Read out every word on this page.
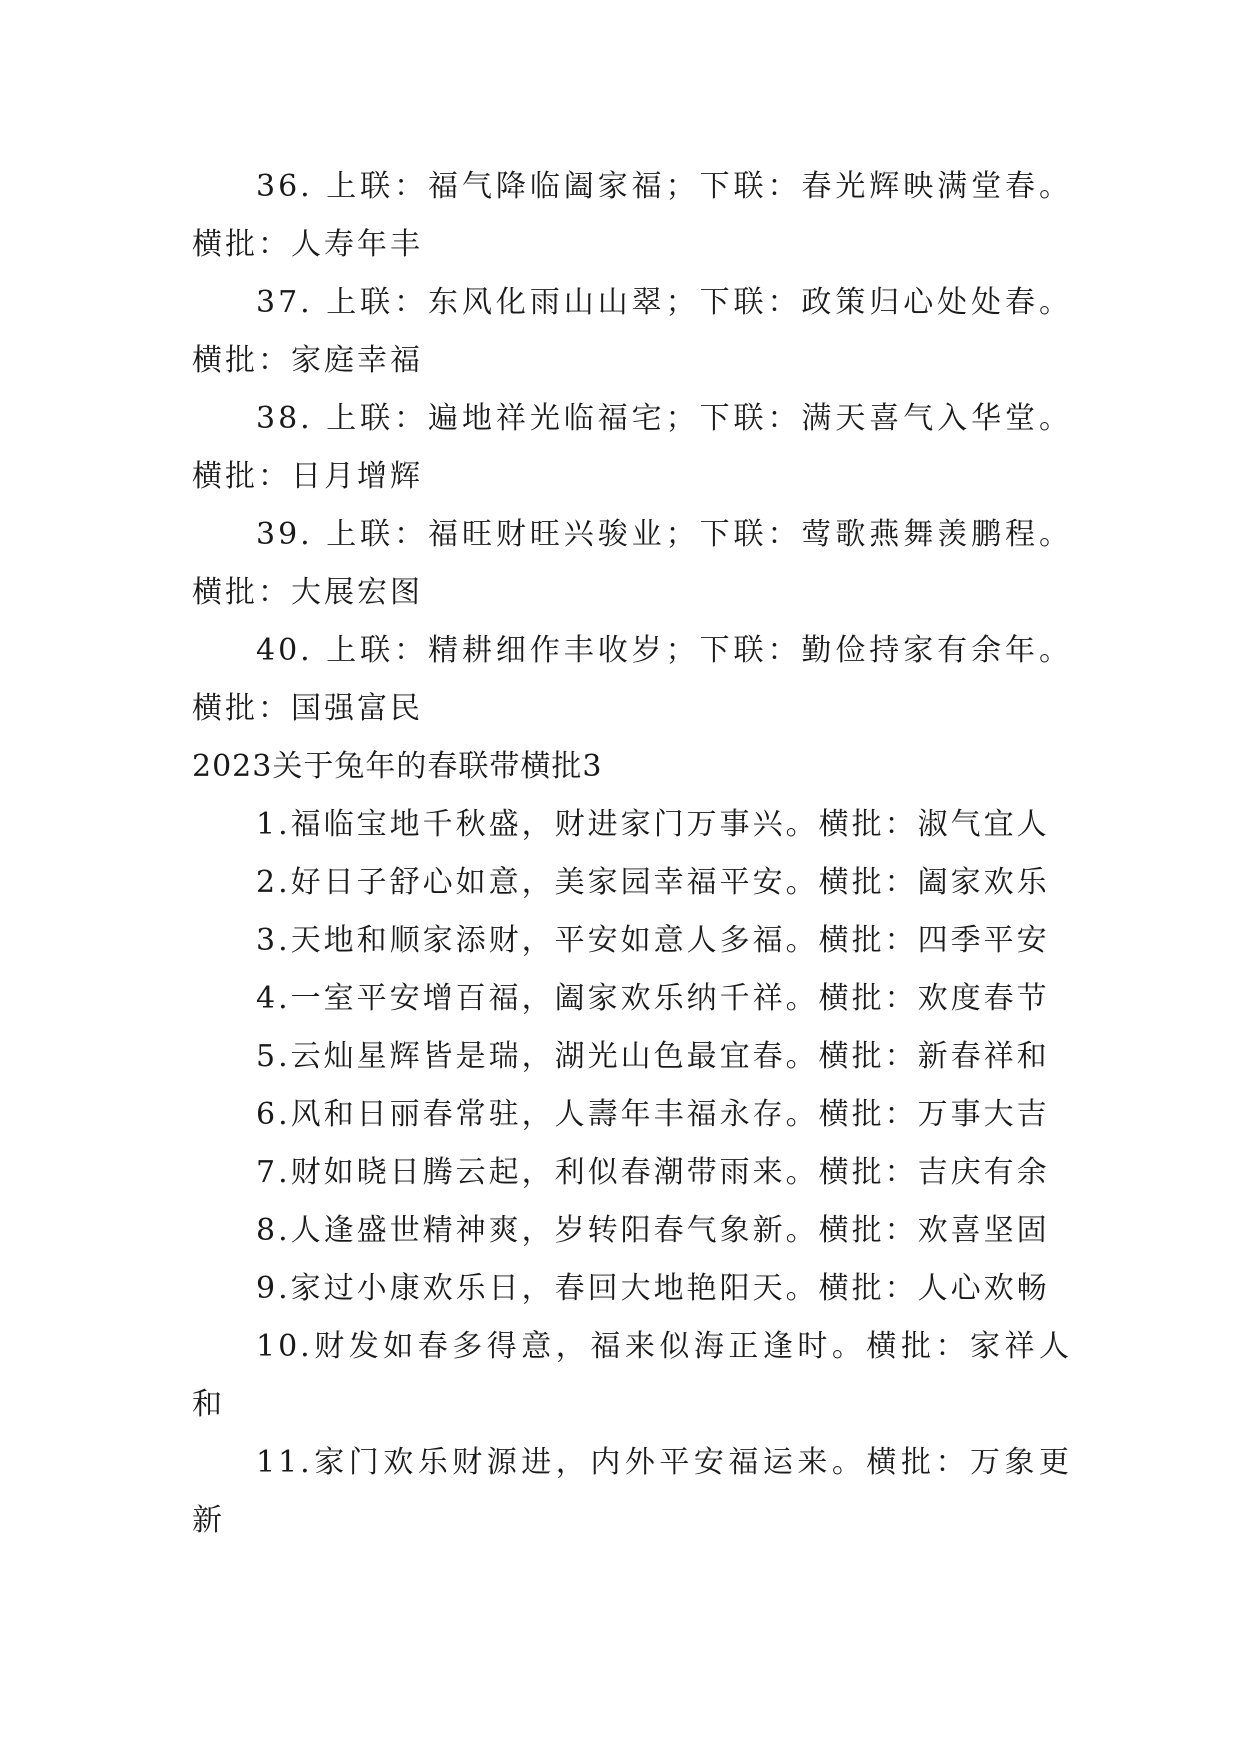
36. 上联：福气降临阖家福；下联：春光辉映满堂春。
横批：人寿年丰
37. 上联：东风化雨山山翠；下联：政策归心处处春。
横批：家庭幸福
38. 上联：遍地祥光临福宅；下联：满天喜气入华堂。
横批：日月增辉
39. 上联：福旺财旺兴骏业；下联：莺歌燕舞羡鹏程。
横批：大展宏图
40. 上联：精耕细作丰收岁；下联：勤俭持家有余年。
横批：国强富民
2023关于兔年的春联带横批3
1.福临宝地千秋盛，财进家门万事兴。横批：淑气宜人
2.好日子舒心如意，美家园幸福平安。横批：阖家欢乐
3.天地和顺家添财，平安如意人多福。横批：四季平安
4.一室平安增百福，阖家欢乐纳千祥。横批：欢度春节
5.云灿星辉皆是瑞，湖光山色最宜春。横批：新春祥和
6.风和日丽春常驻，人壽年丰福永存。横批：万事大吉
7.财如晓日腾云起，利似春潮带雨来。横批：吉庆有余
8.人逢盛世精神爽，岁转阳春气象新。横批：欢喜坚固
9.家过小康欢乐日，春回大地艳阳天。横批：人心欢畅
10.财发如春多得意，福来似海正逢时。横批：家祥人
和
11.家门欢乐财源进，内外平安福运来。横批：万象更
新
